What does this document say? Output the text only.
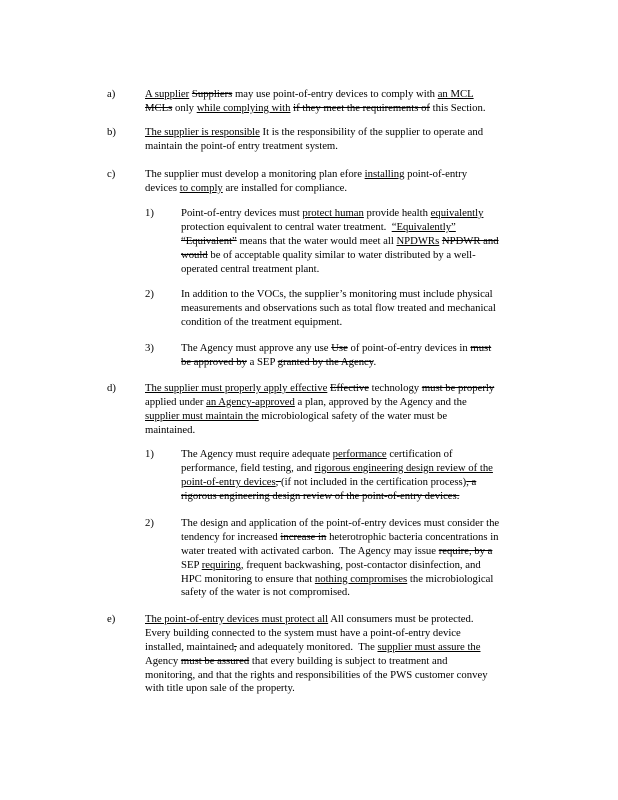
a)	A supplier Suppliers may use point-of-entry devices to comply with an MCL
MCLs only while complying with if they meet the requirements of this Section.
b)	The supplier is responsible It is the responsibility of the supplier to operate and
maintain the point-of entry treatment system.
c)	The supplier must develop a monitoring plan efore installing point-of-entry
devices to comply are installed for compliance.
1)	Point-of-entry devices must protect human provide health equivalently
protection equivalent to central water treatment.  “Equivalently”
“Equivalent” means that the water would meet all NPDWRs NPDWR and
would be of acceptable quality similar to water distributed by a well-
operated central treatment plant.
2)	In addition to the VOCs, the supplier’s monitoring must include physical
measurements and observations such as total flow treated and mechanical
condition of the treatment equipment.
3)	The Agency must approve any use Use of point-of-entry devices in must
be approved by a SEP granted by the Agency.
d)	The supplier must properly apply effective Effective technology must be properly
applied under an Agency-approved a plan, approved by the Agency and the
supplier must maintain the microbiological safety of the water must be
maintained.
1)	The Agency must require adequate performance certification of
performance, field testing, and rigorous engineering design review of the
point-of-entry devices, (if not included in the certification process), a
rigorous engineering design review of the point-of-entry devices.
2)	The design and application of the point-of-entry devices must consider the
tendency for increased increase in heterotrophic bacteria concentrations in
water treated with activated carbon.  The Agency may issue require, by a
SEP requiring, frequent backwashing, post-contactor disinfection, and
HPC monitoring to ensure that nothing compromises the microbiological
safety of the water is not compromised.
e)	The point-of-entry devices must protect all All consumers must be protected.
Every building connected to the system must have a point-of-entry device
installed, maintained, and adequately monitored.  The supplier must assure the
Agency must be assured that every building is subject to treatment and
monitoring, and that the rights and responsibilities of the PWS customer convey
with title upon sale of the property.
